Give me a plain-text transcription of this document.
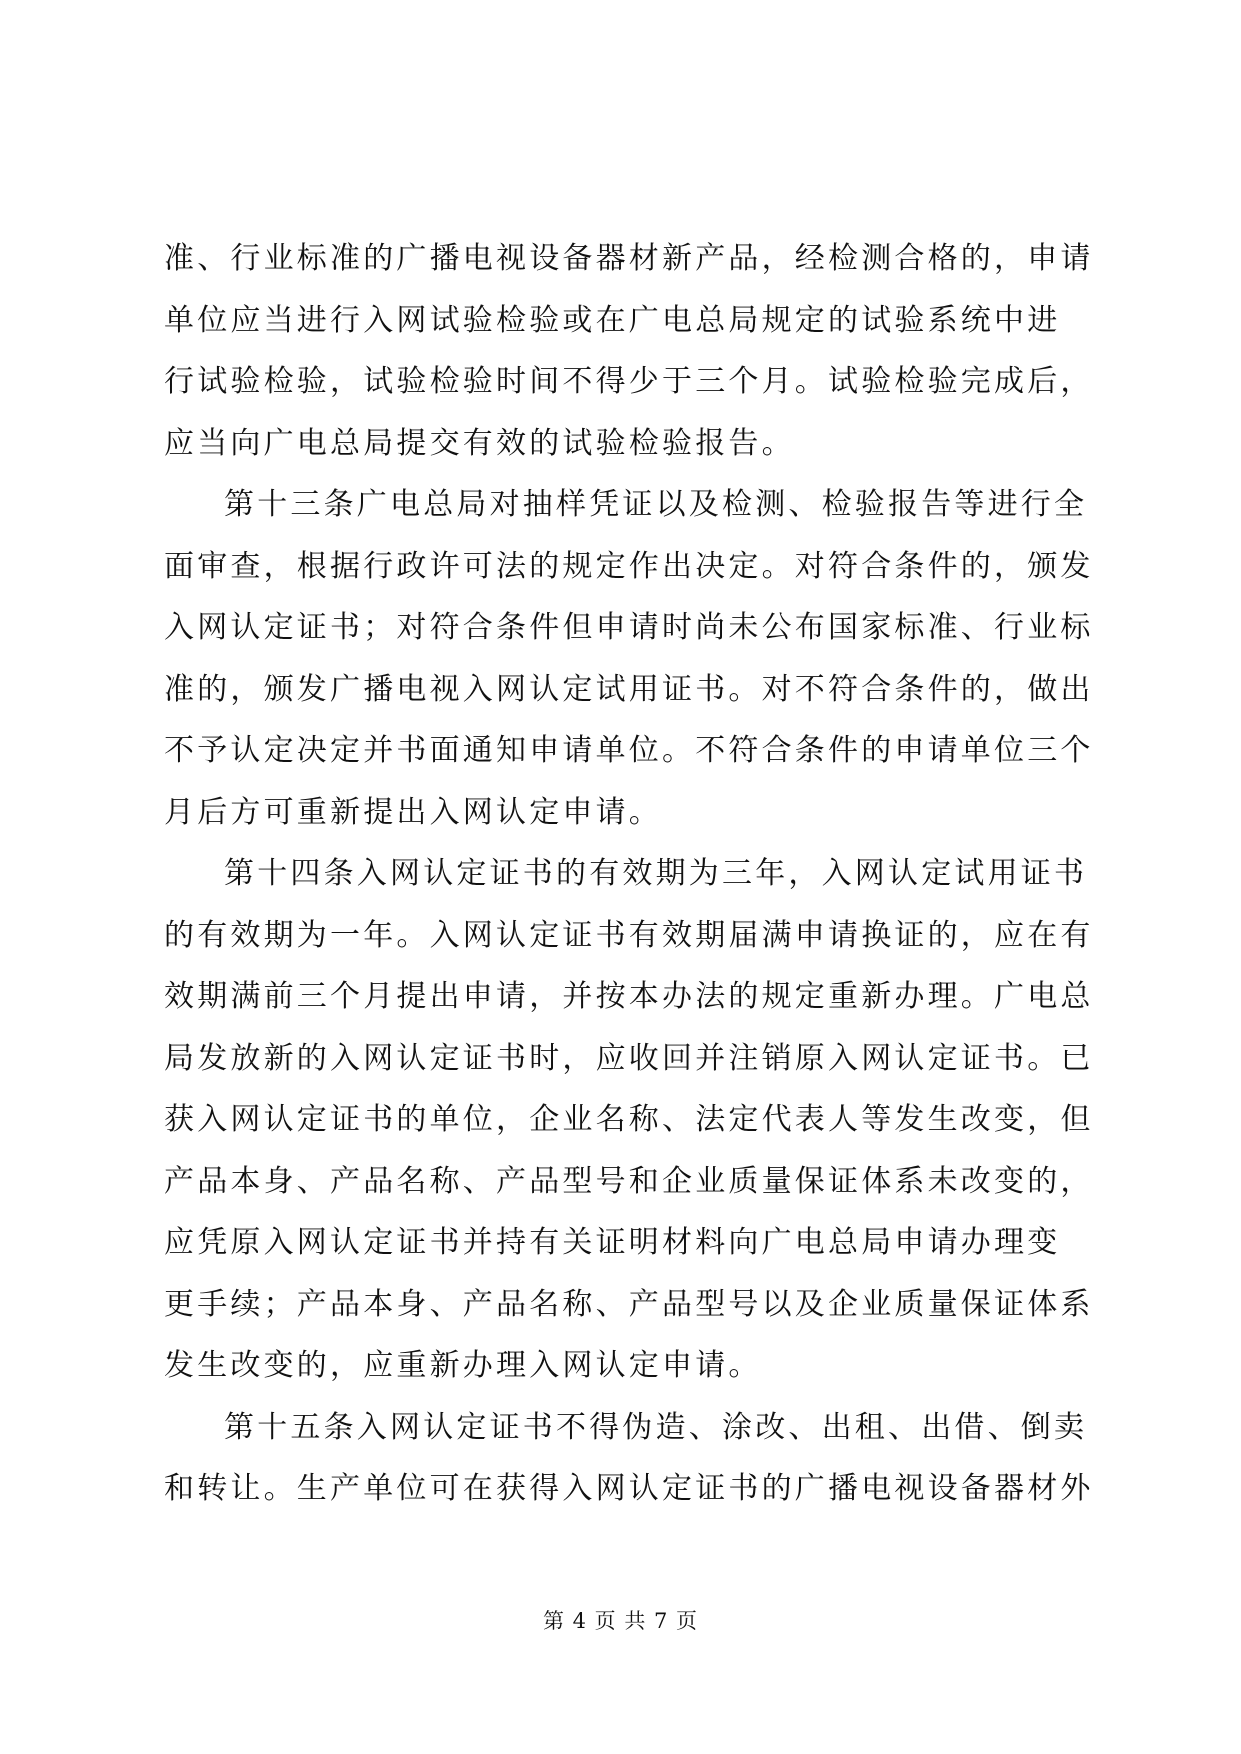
准、行业标准的广播电视设备器材新产品，经检测合格的，申请
单位应当进行入网试验检验或在广电总局规定的试验系统中进
行试验检验，试验检验时间不得少于三个月。试验检验完成后，
应当向广电总局提交有效的试验检验报告。
第十三条广电总局对抽样凭证以及检测、检验报告等进行全
面审查，根据行政许可法的规定作出决定。对符合条件的，颁发
入网认定证书；对符合条件但申请时尚未公布国家标准、行业标
准的，颁发广播电视入网认定试用证书。对不符合条件的，做出
不予认定决定并书面通知申请单位。不符合条件的申请单位三个
月后方可重新提出入网认定申请。
第十四条入网认定证书的有效期为三年，入网认定试用证书
的有效期为一年。入网认定证书有效期届满申请换证的，应在有
效期满前三个月提出申请，并按本办法的规定重新办理。广电总
局发放新的入网认定证书时，应收回并注销原入网认定证书。已
获入网认定证书的单位，企业名称、法定代表人等发生改变，但
产品本身、产品名称、产品型号和企业质量保证体系未改变的，
应凭原入网认定证书并持有关证明材料向广电总局申请办理变
更手续；产品本身、产品名称、产品型号以及企业质量保证体系
发生改变的，应重新办理入网认定申请。
第十五条入网认定证书不得伪造、涂改、出租、出借、倒卖
和转让。生产单位可在获得入网认定证书的广播电视设备器材外
第 4 页 共 7 页
